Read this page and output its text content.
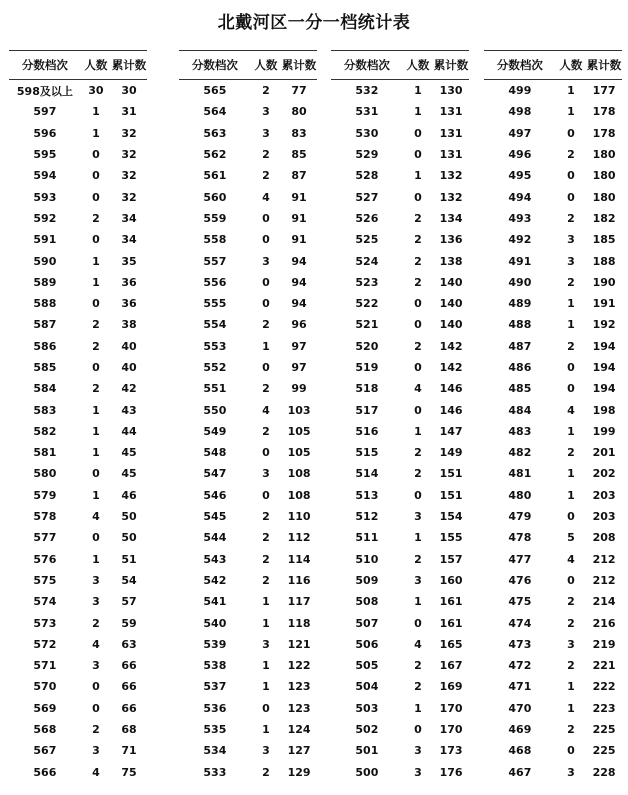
北戴河区一分一档统计表
分数档次	人数	累计数
598及以上	30	30
597	1	31
596	1	32
595	0	32
594	0	32
593	0	32
592	2	34
591	0	34
590	1	35
589	1	36
588	0	36
587	2	38
586	2	40
585	0	40
584	2	42
583	1	43
582	1	44
581	1	45
580	0	45
579	1	46
578	4	50
577	0	50
576	1	51
575	3	54
574	3	57
573	2	59
572	4	63
571	3	66
570	0	66
569	0	66
568	2	68
567	3	71
566	4	75
分数档次	人数	累计数
565	2	77
564	3	80
563	3	83
562	2	85
561	2	87
560	4	91
559	0	91
558	0	91
557	3	94
556	0	94
555	0	94
554	2	96
553	1	97
552	0	97
551	2	99
550	4	103
549	2	105
548	0	105
547	3	108
546	0	108
545	2	110
544	2	112
543	2	114
542	2	116
541	1	117
540	1	118
539	3	121
538	1	122
537	1	123
536	0	123
535	1	124
534	3	127
533	2	129
分数档次	人数	累计数
532	1	130
531	1	131
530	0	131
529	0	131
528	1	132
527	0	132
526	2	134
525	2	136
524	2	138
523	2	140
522	0	140
521	0	140
520	2	142
519	0	142
518	4	146
517	0	146
516	1	147
515	2	149
514	2	151
513	0	151
512	3	154
511	1	155
510	2	157
509	3	160
508	1	161
507	0	161
506	4	165
505	2	167
504	2	169
503	1	170
502	0	170
501	3	173
500	3	176
分数档次	人数	累计数
499	1	177
498	1	178
497	0	178
496	2	180
495	0	180
494	0	180
493	2	182
492	3	185
491	3	188
490	2	190
489	1	191
488	1	192
487	2	194
486	0	194
485	0	194
484	4	198
483	1	199
482	2	201
481	1	202
480	1	203
479	0	203
478	5	208
477	4	212
476	0	212
475	2	214
474	2	216
473	3	219
472	2	221
471	1	222
470	1	223
469	2	225
468	0	225
467	3	228
